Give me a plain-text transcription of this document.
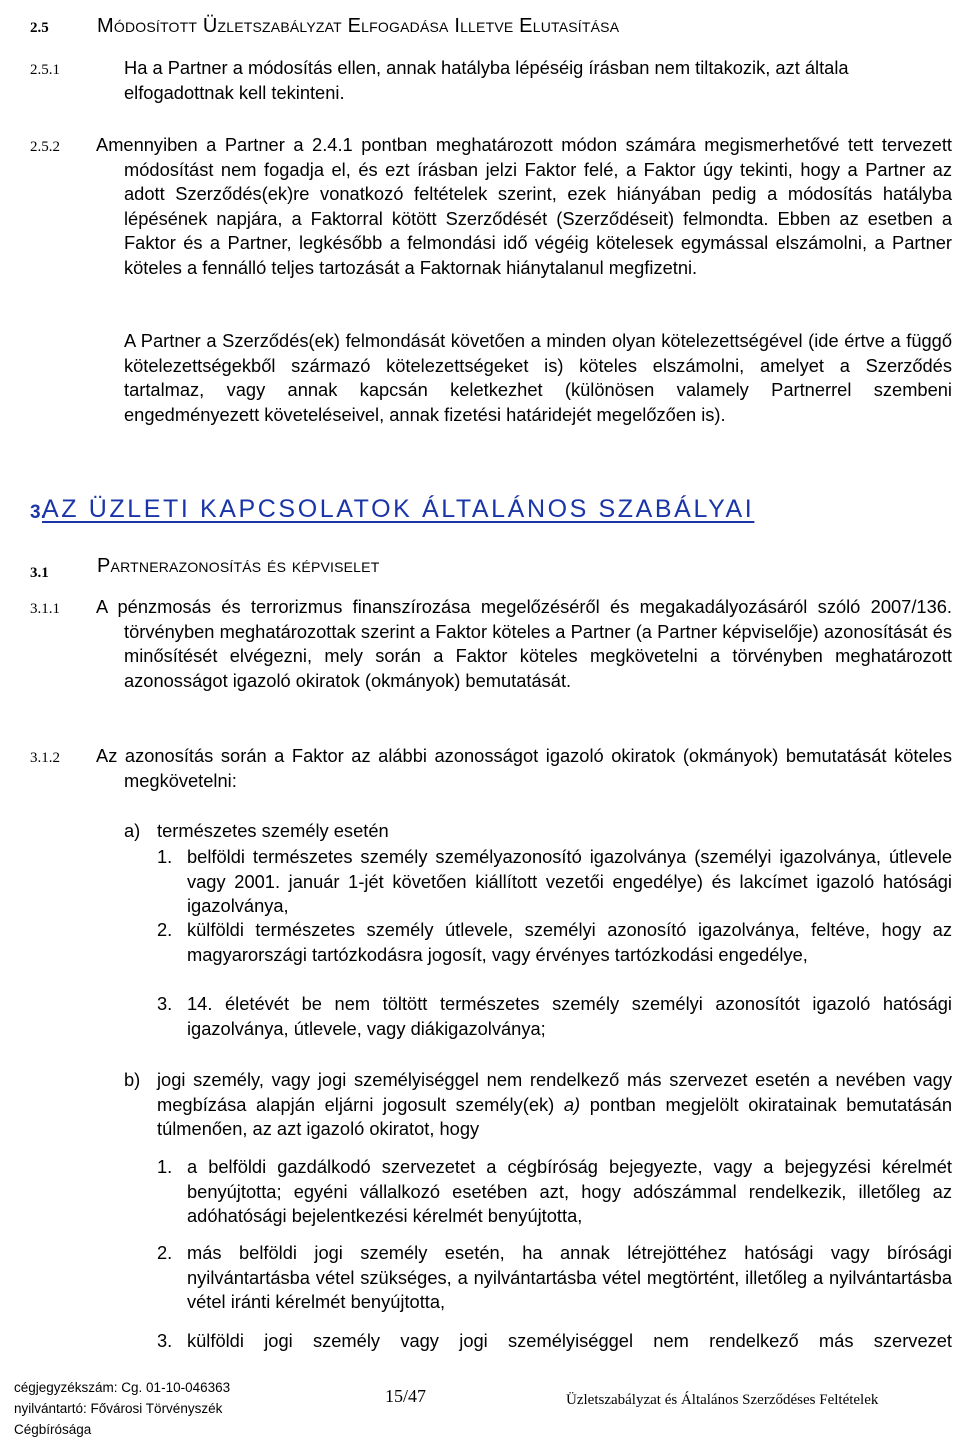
2.5 Módosított Üzletszabályzat Elfogadása Illetve Elutasítása
2.5.1	Ha a Partner a módosítás ellen, annak hatályba lépéséig írásban nem tiltakozik, azt általa

elfogadottnak kell tekinteni.

2.5.2 Amennyiben a Partner a 2.4.1 pontban meghatározott módon számára megismerhetővé tett tervezett módosítást nem fogadja el, és ezt írásban jelzi Faktor felé, a Faktor úgy tekinti, hogy a Partner az adott Szerződés(ek)re vonatkozó feltételek szerint, ezek hiányában pedig a módosítás hatályba lépésének napjára, a Faktorral kötött Szerződését (Szerződéseit) felmondta. Ebben az esetben a Faktor és a Partner, legkésőbb a felmondási idő végéig kötelesek egymással elszámolni, a Partner köteles a fennálló teljes tartozását a Faktornak hiánytalanul megfizetni.
A Partner a Szerződés(ek) felmondását követően a minden olyan kötelezettségével (ide értve a függő kötelezettségekből származó kötelezettségeket is) köteles elszámolni, amelyet a Szerződés tartalmaz, vagy annak kapcsán keletkezhet (különösen valamely Partnerrel szembeni engedményezett követeléseivel, annak fizetési határidejét megelőzően is).
3.
AZ ÜZLETI KAPCSOLATOK ÁLTALÁNOS SZABÁLYAI
3.1 Partnerazonosítás és képviselet
3.1.1 A pénzmosás és terrorizmus finanszírozása megelőzéséről és megakadályozásáról szóló 2007/136. törvényben meghatározottak szerint a Faktor köteles a Partner (a Partner képviselője) azonosítását és minősítését elvégezni, mely során a Faktor köteles megkövetelni a törvényben meghatározott azonosságot igazoló okiratok (okmányok) bemutatását.
3.1.2 Az azonosítás során a Faktor az alábbi azonosságot igazoló okiratok (okmányok) bemutatását köteles megkövetelni:
a) természetes személy esetén
1. belföldi természetes személy személyazonosító igazolványa (személyi igazolványa, útlevele vagy 2001. január 1-jét követően kiállított vezetői engedélye) és lakcímet igazoló hatósági igazolványa,
2. külföldi természetes személy útlevele, személyi azonosító igazolványa, feltéve, hogy az magyarországi tartózkodásra jogosít, vagy érvényes tartózkodási engedélye,
3. 14. életévét be nem töltött természetes személy személyi azonosítót igazoló hatósági igazolványa, útlevele, vagy diákigazolványa;
b) jogi személy, vagy jogi személyiséggel nem rendelkező más szervezet esetén a nevében vagy megbízása alapján eljárni jogosult személy(ek) a) pontban megjelölt okiratainak bemutatásán túlmenően, az azt igazoló okiratot, hogy
1. a belföldi gazdálkodó szervezetet a cégbíróság bejegyezte, vagy a bejegyzési kérelmét benyújtotta; egyéni vállalkozó esetében azt, hogy adószámmal rendelkezik, illetőleg az adóhatósági bejelentkezési kérelmét benyújtotta,
2. más belföldi jogi személy esetén, ha annak létrejöttéhez hatósági vagy bírósági nyilvántartásba vétel szükséges, a nyilvántartásba vétel megtörtént, illetőleg a nyilvántartásba vétel iránti kérelmét benyújtotta,
3. külföldi jogi személy vagy jogi személyiséggel nem rendelkező más szervezet
cégjegyzékszám: Cg. 01-10-046363
nyilvántartó: Fővárosi Törvényszék
Cégbírósága
15/47	Üzletszabályzat és Általános Szerződéses Feltételek
